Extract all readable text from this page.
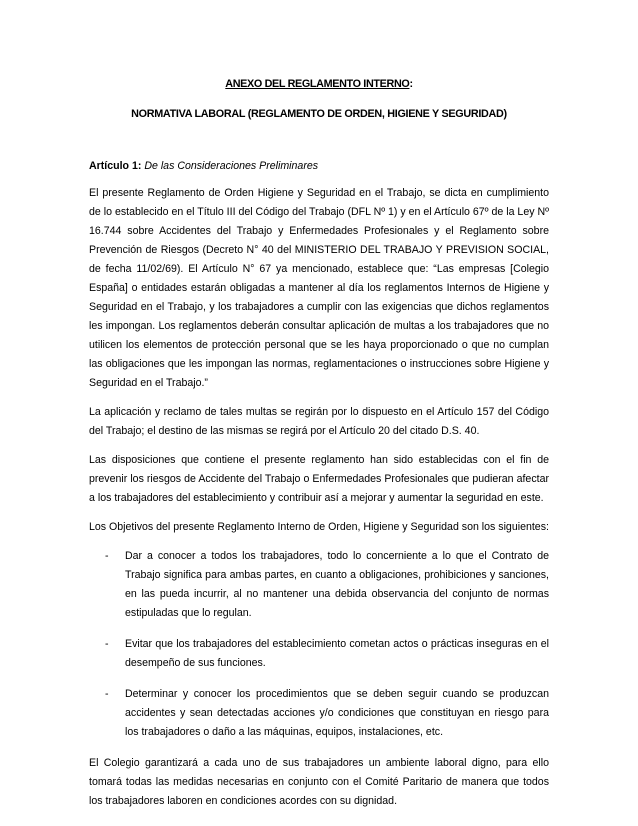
ANEXO DEL REGLAMENTO INTERNO:
NORMATIVA LABORAL (REGLAMENTO DE ORDEN, HIGIENE Y SEGURIDAD)
Artículo 1: De las Consideraciones Preliminares

El presente Reglamento de Orden Higiene y Seguridad en el Trabajo, se dicta en cumplimiento de lo establecido en el Título III del Código del Trabajo (DFL Nº 1) y en el Artículo 67º de la Ley Nº 16.744 sobre Accidentes del Trabajo y Enfermedades Profesionales y el Reglamento sobre Prevención de Riesgos (Decreto N° 40 del MINISTERIO DEL TRABAJO Y PREVISION SOCIAL, de fecha 11/02/69). El Artículo N° 67 ya mencionado, establece que: “Las empresas [Colegio España] o entidades estarán obligadas a mantener al día los reglamentos Internos de Higiene y Seguridad en el Trabajo, y los trabajadores a cumplir con las exigencias que dichos reglamentos les impongan. Los reglamentos deberán consultar aplicación de multas a los trabajadores que no utilicen los elementos de protección personal que se les haya proporcionado o que no cumplan las obligaciones que les impongan las normas, reglamentaciones o instrucciones sobre Higiene y Seguridad en el Trabajo.”

La aplicación y reclamo de tales multas se regirán por lo dispuesto en el Artículo 157 del Código del Trabajo; el destino de las mismas se regirá por el Artículo 20 del citado D.S. 40.

Las disposiciones que contiene el presente reglamento han sido establecidas con el fin de prevenir los riesgos de Accidente del Trabajo o Enfermedades Profesionales que pudieran afectar a los trabajadores del establecimiento y contribuir así a mejorar y aumentar la seguridad en este.

Los Objetivos del presente Reglamento Interno de Orden, Higiene y Seguridad son los siguientes:

- Dar a conocer a todos los trabajadores, todo lo concerniente a lo que el Contrato de Trabajo significa para ambas partes, en cuanto a obligaciones, prohibiciones y sanciones, en las pueda incurrir, al no mantener una debida observancia del conjunto de normas estipuladas que lo regulan.
- Evitar que los trabajadores del establecimiento cometan actos o prácticas inseguras en el desempeño de sus funciones.
- Determinar y conocer los procedimientos que se deben seguir cuando se produzcan accidentes y sean detectadas acciones y/o condiciones que constituyan en riesgo para los trabajadores o daño a las máquinas, equipos, instalaciones, etc.

El Colegio garantizará a cada uno de sus trabajadores un ambiente laboral digno, para ello tomará todas las medidas necesarias en conjunto con el Comité Paritario de manera que todos los trabajadores laboren en condiciones acordes con su dignidad.
